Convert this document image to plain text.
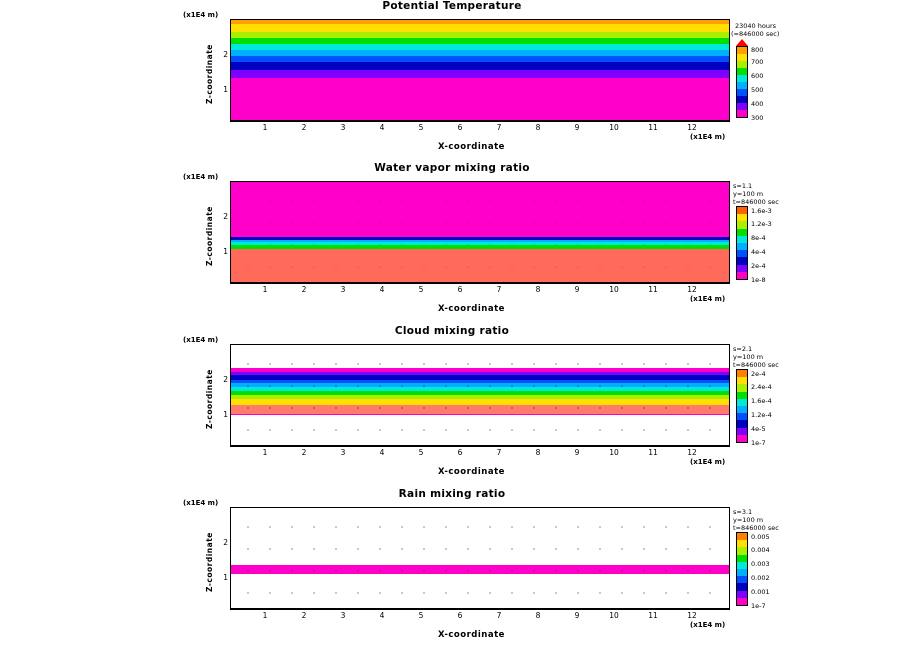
Potential Temperature
(x1E4 m)
2
1
Z-coordinate
1	2	3	4	5	6	7	8	9	10	11	12
(x1E4 m)
X-coordinate
23040 hours
(=846000 sec)
300
400
500
600
700
800
Water vapor mixing ratio
(x1E4 m)
2
1
Z-coordinate
1	2	3	4	5	6	7	8	9	10	11	12
(x1E4 m)
X-coordinate
s=1.1
y=100 m
t=846000 sec
1e-8
2e-4
4e-4
8e-4
1.2e-3
1.6e-3
Cloud mixing ratio
(x1E4 m)
2
1
Z-coordinate
1	2	3	4	5	6	7	8	9	10	11	12
(x1E4 m)
X-coordinate
s=2.1
y=100 m
t=846000 sec
1e-7
4e-5
1.2e-4
1.6e-4
2.4e-4
2e-4
Rain mixing ratio
(x1E4 m)
2
1
Z-coordinate
1	2	3	4	5	6	7	8	9	10	11	12
(x1E4 m)
X-coordinate
s=3.1
y=100 m
t=846000 sec
1e-7
0.001
0.002
0.003
0.004
0.005
